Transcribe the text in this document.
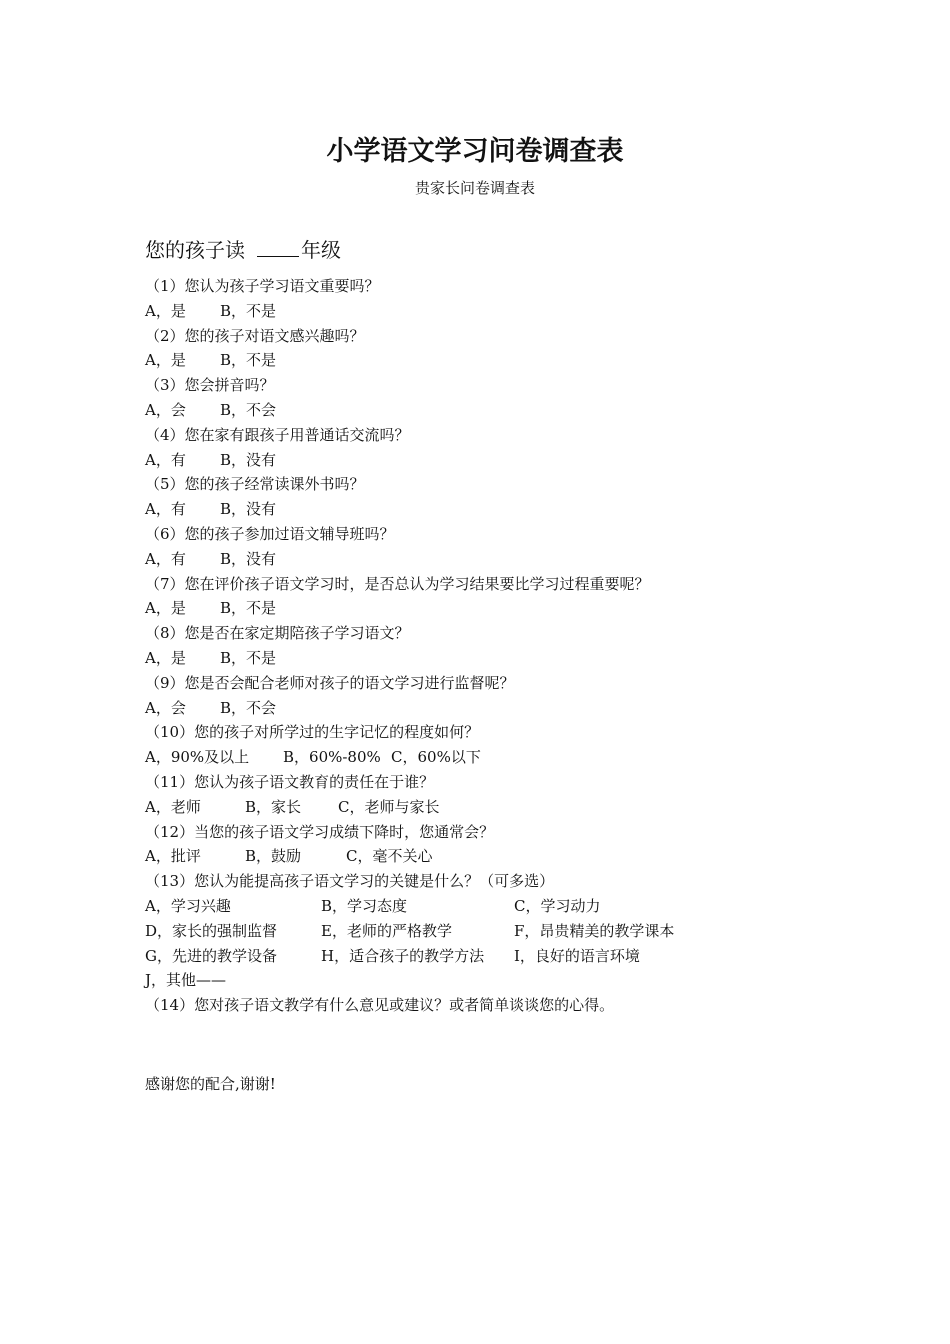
小学语文学习问卷调查表
贵家长问卷调查表
您的孩子读	年级
（1）您认为孩子学习语文重要吗？
A，是 B，不是
（2）您的孩子对语文感兴趣吗？
A，是 B，不是
（3）您会拼音吗？
A，会 B，不会
（4）您在家有跟孩子用普通话交流吗？
A，有 B，没有
（5）您的孩子经常读课外书吗？
A，有 B，没有
（6）您的孩子参加过语文辅导班吗？
A，有 B，没有
（7）您在评价孩子语文学习时，是否总认为学习结果要比学习过程重要呢？
A，是 B，不是
（8）您是否在家定期陪孩子学习语文？
A，是 B，不是
（9）您是否会配合老师对孩子的语文学习进行监督呢？
A，会 B，不会
（10）您的孩子对所学过的生字记忆的程度如何？
A，90%及以上 B，60%-80% C，60%以下
（11）您认为孩子语文教育的责任在于谁？
A，老师	B，家长 C，老师与家长
（12）当您的孩子语文学习成绩下降时，您通常会？
A，批评	B，鼓励	C，毫不关心
（13）您认为能提高孩子语文学习的关键是什么？（可多选）
A，学习兴趣	B，学习态度	C，学习动力
D，家长的强制监督	E，老师的严格教学	F，昂贵精美的教学课本
G，先进的教学设备	H，适合孩子的教学方法 I，良好的语言环境
J，其他——
（14）您对孩子语文教学有什么意见或建议？或者简单谈谈您的心得。
感谢您的配合,谢谢!
